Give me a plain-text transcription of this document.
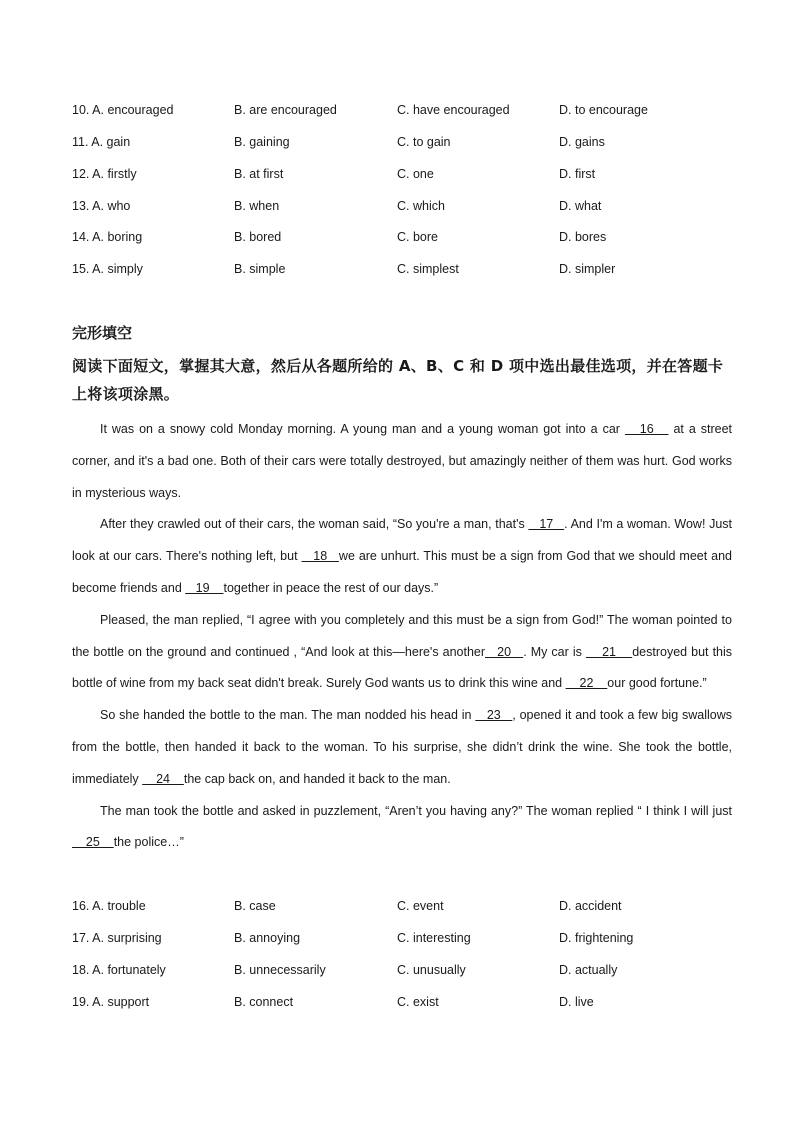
10. A. encouraged	B. are encouraged	C. have encouraged	D. to encourage
11. A. gain	B. gaining	C. to gain	D. gains
12. A. firstly	B. at first	C. one	D. first
13. A. who	B. when	C. which	D. what
14. A. boring	B. bored	C. bore	D. bores
15. A. simply	B. simple	C. simplest	D. simpler
完形填空
阅读下面短文，掌握其大意，然后从各题所给的 A、B、C 和 D 项中选出最佳选项，并在答题卡上将该项涂黑。

It was on a snowy cold Monday morning. A young man and a young woman got into a car    16    at a street corner, and it's a bad one. Both of their cars were totally destroyed, but amazingly neither of them was hurt. God works in mysterious ways.

After they crawled out of their cars, the woman said, “So you're a man, that's    17   . And I'm a woman. Wow! Just look at our cars. There's nothing left, but    18   we are unhurt. This must be a sign from God that we should meet and become friends and    19    together in peace the rest of our days.”

Pleased, the man replied, “I agree with you completely and this must be a sign from God!” The woman pointed to the bottle on the ground and continued , “And look at this—here's another   20   . My car is     21    destroyed but this bottle of wine from my back seat didn't break. Surely God wants us to drink this wine and     22    our good fortune.”

So she handed the bottle to the man. The man nodded his head in    23   , opened it and took a few big swallows from the bottle, then handed it back to the woman. To his surprise, she didn’t drink the wine. She took the bottle, immediately     24    the cap back on, and handed it back to the man.

The man took the bottle and asked in puzzlement, “Aren’t you having any?” The woman replied “ I think I will just     25    the police…”

16. A. trouble	B. case	C. event	D. accident
17. A. surprising	B. annoying	C. interesting	D. frightening
18. A. fortunately	B. unnecessarily	C. unusually	D. actually
19. A. support	B. connect	C. exist	D. live
